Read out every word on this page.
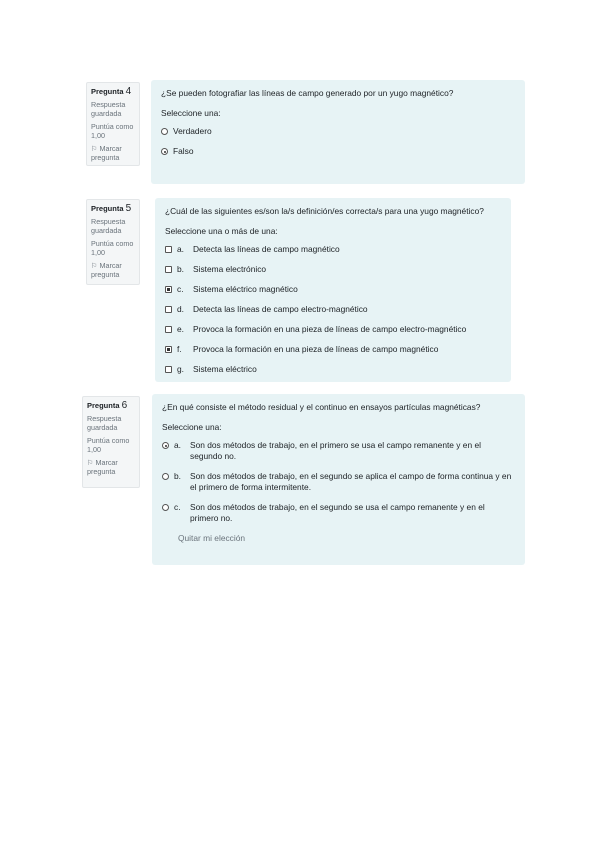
Pregunta 4
Respuesta guardada
Puntúa como 1,00
⚐ Marcar pregunta
¿Se pueden fotografiar las líneas de campo generado por un yugo magnético?
Seleccione una:
Verdadero
Falso
Pregunta 5
Respuesta guardada
Puntúa como 1,00
⚐ Marcar pregunta
¿Cuál de las siguientes es/son la/s definición/es correcta/s para una yugo magnético?
Seleccione una o más de una:
a.	Detecta las líneas de campo magnético
b.	Sistema electrónico
c.	Sistema eléctrico magnético
d.	Detecta las líneas de campo electro-magnético
e.	Provoca la formación en una pieza de líneas de campo electro-magnético
f.	Provoca la formación en una pieza de líneas de campo magnético
g.	Sistema eléctrico
Pregunta 6
Respuesta guardada
Puntúa como 1,00
⚐ Marcar pregunta
¿En qué consiste el método residual y el continuo en ensayos partículas magnéticas?
Seleccione una:
a.	Son dos métodos de trabajo, en el primero se usa el campo remanente y en el segundo no.
b.	Son dos métodos de trabajo, en el segundo se aplica el campo de forma continua y en el primero de forma intermitente.
c.	Son dos métodos de trabajo, en el segundo se usa el campo remanente y en el primero no.
Quitar mi elección
